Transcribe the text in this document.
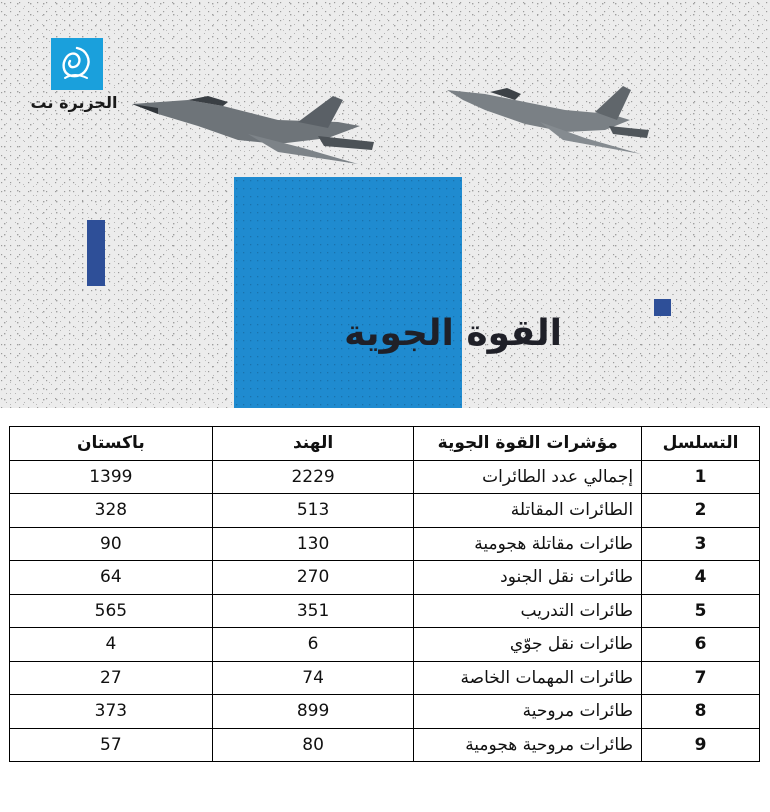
الجزيرة نت
القوة الجوية
التسلسل	مؤشرات القوة الجوية	الهند	باكستان
1	إجمالي عدد الطائرات	2229	1399
2	الطائرات المقاتلة	513	328
3	طائرات مقاتلة هجومية	130	90
4	طائرات نقل الجنود	270	64
5	طائرات التدريب	351	565
6	طائرات نقل جوّي	6	4
7	طائرات المهمات الخاصة	74	27
8	طائرات مروحية	899	373
9	طائرات مروحية هجومية	80	57
